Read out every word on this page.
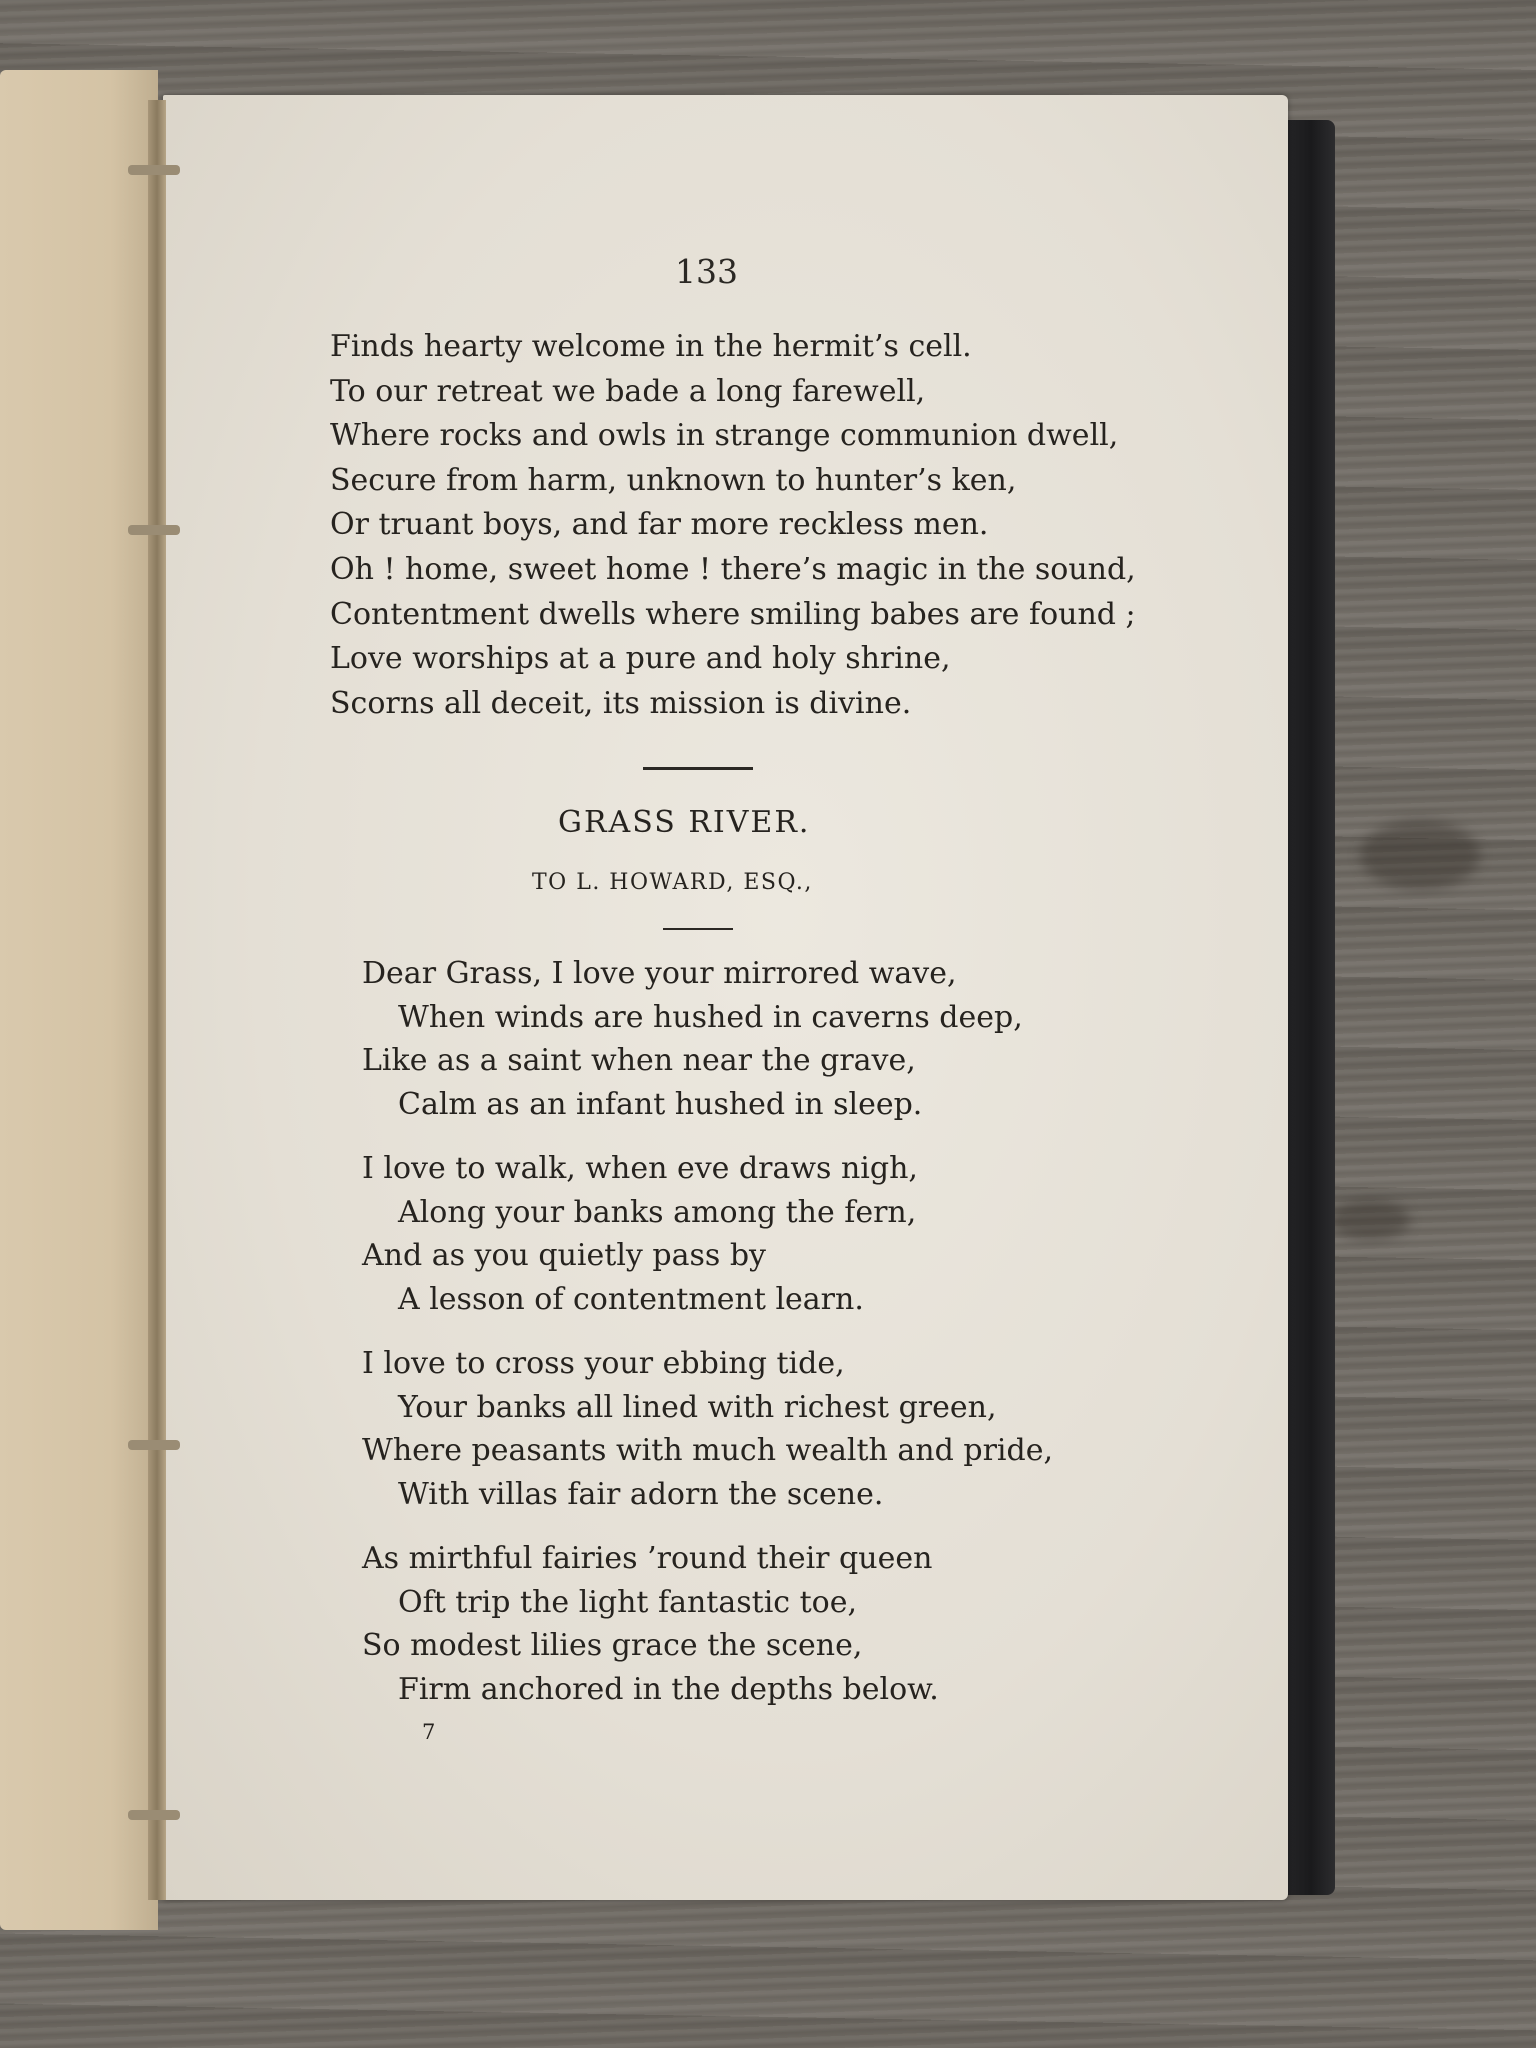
133
Finds hearty welcome in the hermit’s cell.
To our retreat we bade a long farewell,
Where rocks and owls in strange communion dwell,
Secure from harm, unknown to hunter’s ken,
Or truant boys, and far more reckless men.
Oh ! home, sweet home ! there’s magic in the sound,
Contentment dwells where smiling babes are found ;
Love worships at a pure and holy shrine,
Scorns all deceit, its mission is divine.
GRASS RIVER.
TO L. HOWARD, ESQ.,
Dear Grass, I love your mirrored wave,
When winds are hushed in caverns deep,
Like as a saint when near the grave,
Calm as an infant hushed in sleep.
I love to walk, when eve draws nigh,
Along your banks among the fern,
And as you quietly pass by
A lesson of contentment learn.
I love to cross your ebbing tide,
Your banks all lined with richest green,
Where peasants with much wealth and pride,
With villas fair adorn the scene.
As mirthful fairies ’round their queen
Oft trip the light fantastic toe,
So modest lilies grace the scene,
Firm anchored in the depths below.
7
